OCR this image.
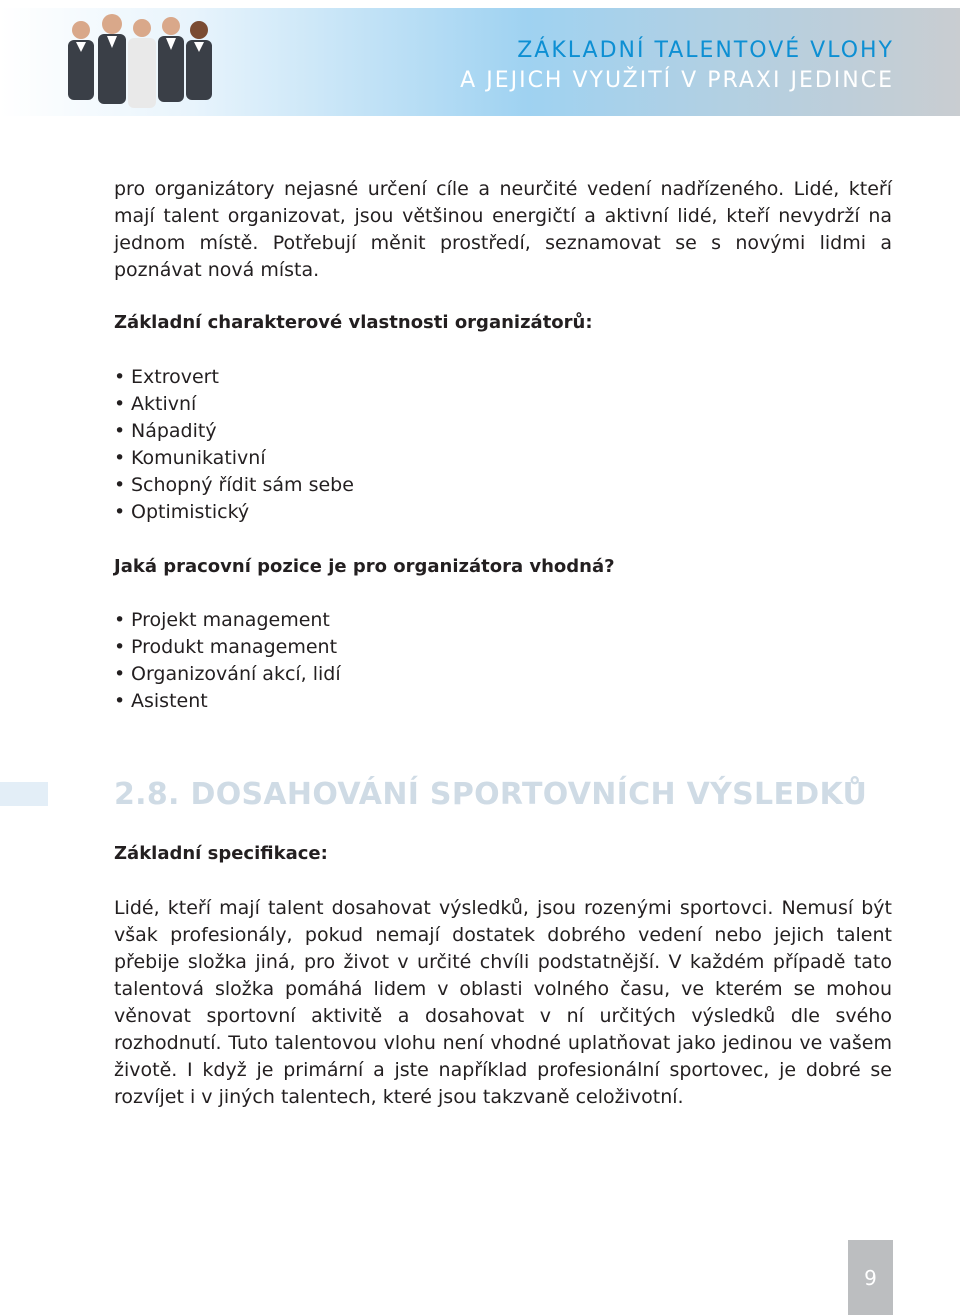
ZÁKLADNÍ TALENTOVÉ VLOHY
A JEJICH VYUŽITÍ V PRAXI JEDINCE

pro organizátory nejasné určení cíle a neurčité vedení nadřízeného. Lidé, kteří mají talent organizovat, jsou většinou energičtí a aktivní lidé, kteří nevydrží na jednom místě. Potřebují měnit prostředí, seznamovat se s novými lidmi a poznávat nová místa.

Základní charakterové vlastnosti organizátorů:
• Extrovert
• Aktivní
• Nápaditý
• Komunikativní
• Schopný řídit sám sebe
• Optimistický
Jaká pracovní pozice je pro organizátora vhodná?
• Projekt management
• Produkt management
• Organizování akcí, lidí
• Asistent
2.8. DOSAHOVÁNÍ SPORTOVNÍCH VÝSLEDKŮ
Základní specifikace:

Lidé, kteří mají talent dosahovat výsledků, jsou rozenými sportovci. Nemusí být však profesionály, pokud nemají dostatek dobrého vedení nebo jejich talent přebije složka jiná, pro život v určité chvíli podstatnější. V každém případě tato talentová složka pomáhá lidem v oblasti volného času, ve kterém se mohou věnovat sportovní aktivitě a dosahovat v ní určitých výsledků dle svého rozhodnutí. Tuto talentovou vlohu není vhodné uplatňovat jako jedinou ve vašem životě. I když je primární a jste například profesionální sportovec, je dobré se rozvíjet i v jiných talentech, které jsou takzvaně celoživotní.

9
